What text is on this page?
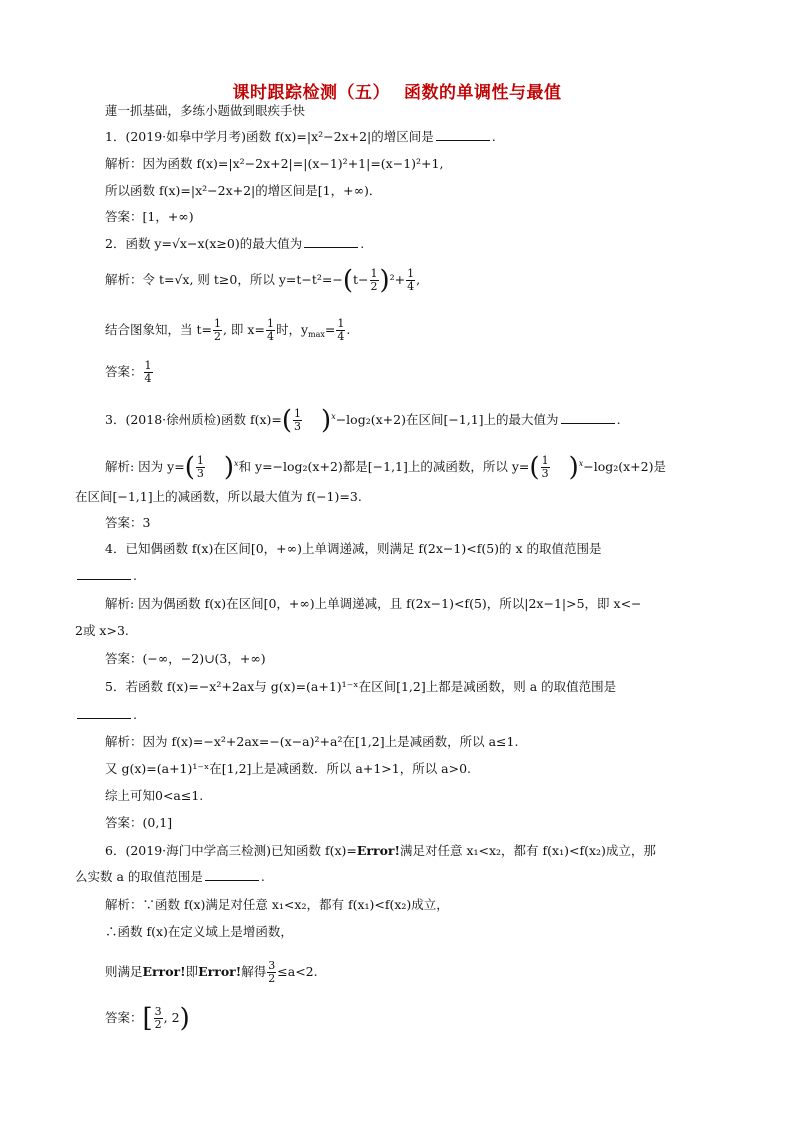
课时跟踪检测（五） 函数的单调性与最值
蓮一抓基础，多练小题做到眼疾手快
1．(2019·如皋中学月考)函数 f(x)=|x²−2x+2|的增区间是	.
解析：因为函数 f(x)=|x²−2x+2|=|(x−1)²+1|=(x−1)²+1,
所以函数 f(x)=|x²−2x+2|的增区间是[1，+∞)．
答案：[1，+∞)
2．函数 y=√x−x(x≥0)的最大值为	.
解析：令 t=√x, 则 t≥0，所以 $y=t-t^2=-(t- \frac{1}{2} )^2+ \frac{1}{4}$ ,
结合图象知，当 $t= \frac{1}{2}$ , 即 $x= \frac{1}{4}$ 时，$y_{max}= \frac{1}{4}$ .
答案： $\frac{1}{4}$
3．(2018·徐州质检)函数 $f(x)=( \frac{1}{3} )^x-\log_2(x+2)$在区间[−1,1]上的最大值为	.
解析: 因为 $y=( \frac{1}{3} )^x$和 y=−log₂(x+2)都是[−1,1]上的减函数，所以 $y=( \frac{1}{3} )^x-\log_2(x+2)$是
在区间[−1,1]上的减函数，所以最大值为 f(−1)=3.
答案：3
4．已知偶函数 f(x)在区间[0，+∞)上单调递减，则满足 f(2x−1)<f(5)的 x 的取值范围是
.
解析: 因为偶函数 f(x)在区间[0，+∞)上单调递减，且 f(2x−1)<f(5)，所以|2x−1|>5，即 x<−
2或 x>3.
答案：(−∞，−2)∪(3，+∞)
5．若函数 f(x)=−x²+2ax与 g(x)=(a+1)¹⁻ˣ在区间[1,2]上都是减函数，则 a 的取值范围是
.
解析：因为 f(x)=−x²+2ax=−(x−a)²+a²在[1,2]上是减函数，所以 a≤1.
又 g(x)=(a+1)¹⁻ˣ在[1,2]上是减函数．所以 a+1>1，所以 a>0.
综上可知0<a≤1.
答案：(0,1]
6．(2019·海门中学高三检测)已知函数 f(x)=Error!满足对任意 x₁<x₂，都有 f(x₁)<f(x₂)成立，那
么实数 a 的取值范围是	.
解析：∵函数 f(x)满足对任意 x₁<x₂，都有 f(x₁)<f(x₂)成立，
∴函数 f(x)在定义域上是增函数，
则满足Error!即Error!解得 $\frac{3}{2} \le a<2$.
答案：[ $\frac{3}{2}$ , 2)
